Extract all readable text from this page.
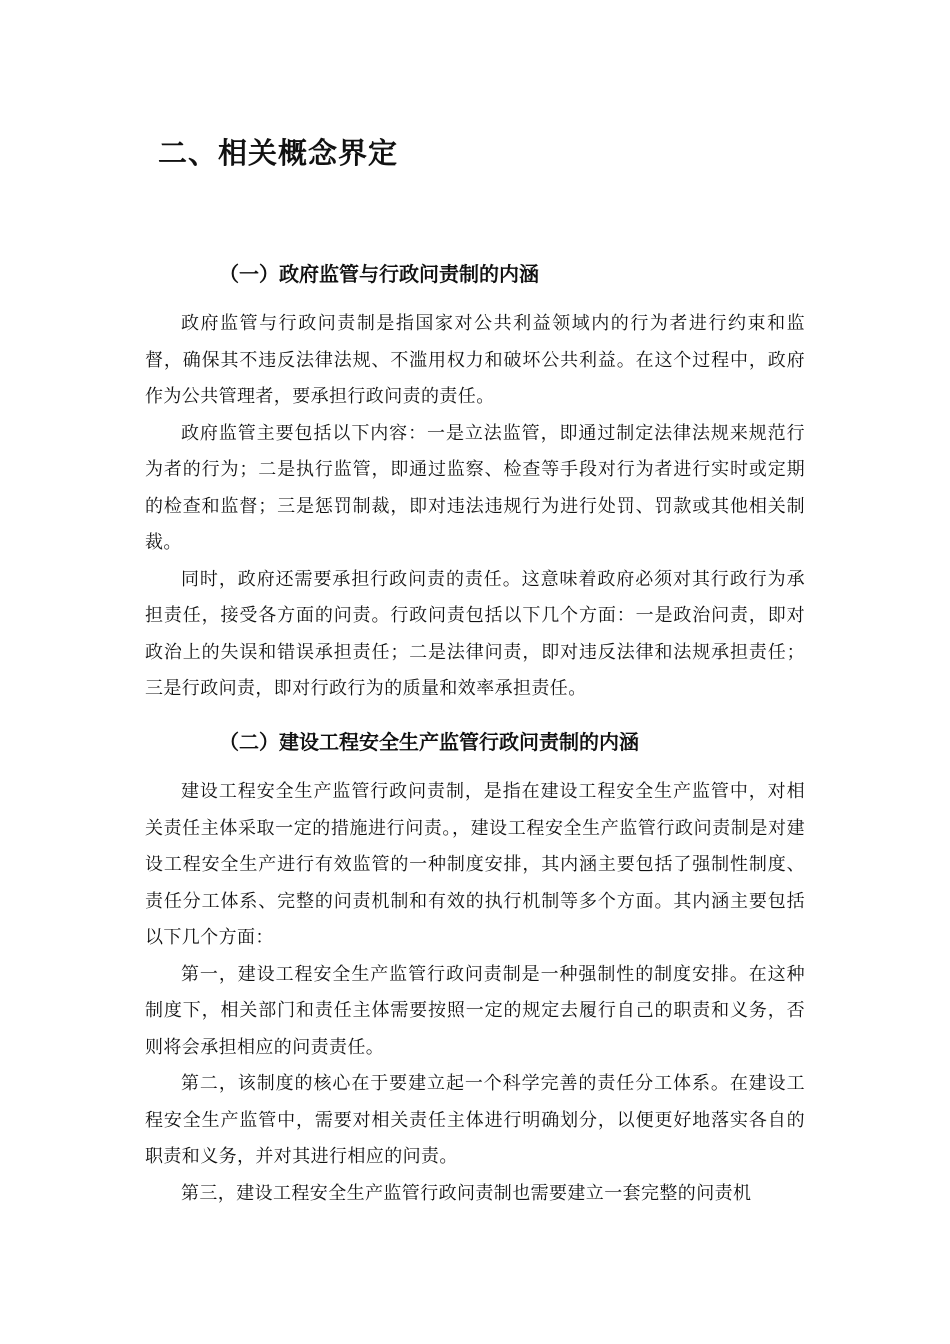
二、相关概念界定
（一）政府监管与行政问责制的内涵

政府监管与行政问责制是指国家对公共利益领域内的行为者进行约束和监督，确保其不违反法律法规、不滥用权力和破坏公共利益。在这个过程中，政府作为公共管理者，要承担行政问责的责任。

政府监管主要包括以下内容：一是立法监管，即通过制定法律法规来规范行为者的行为；二是执行监管，即通过监察、检查等手段对行为者进行实时或定期的检查和监督；三是惩罚制裁，即对违法违规行为进行处罚、罚款或其他相关制裁。

同时，政府还需要承担行政问责的责任。这意味着政府必须对其行政行为承担责任，接受各方面的问责。行政问责包括以下几个方面：一是政治问责，即对政治上的失误和错误承担责任；二是法律问责，即对违反法律和法规承担责任；三是行政问责，即对行政行为的质量和效率承担责任。

（二）建设工程安全生产监管行政问责制的内涵

建设工程安全生产监管行政问责制，是指在建设工程安全生产监管中，对相关责任主体采取一定的措施进行问责。，建设工程安全生产监管行政问责制是对建设工程安全生产进行有效监管的一种制度安排，其内涵主要包括了强制性制度、责任分工体系、完整的问责机制和有效的执行机制等多个方面。其内涵主要包括以下几个方面：

第一，建设工程安全生产监管行政问责制是一种强制性的制度安排。在这种制度下，相关部门和责任主体需要按照一定的规定去履行自己的职责和义务，否则将会承担相应的问责责任。

第二，该制度的核心在于要建立起一个科学完善的责任分工体系。在建设工程安全生产监管中，需要对相关责任主体进行明确划分，以便更好地落实各自的职责和义务，并对其进行相应的问责。

第三，建设工程安全生产监管行政问责制也需要建立一套完整的问责机
